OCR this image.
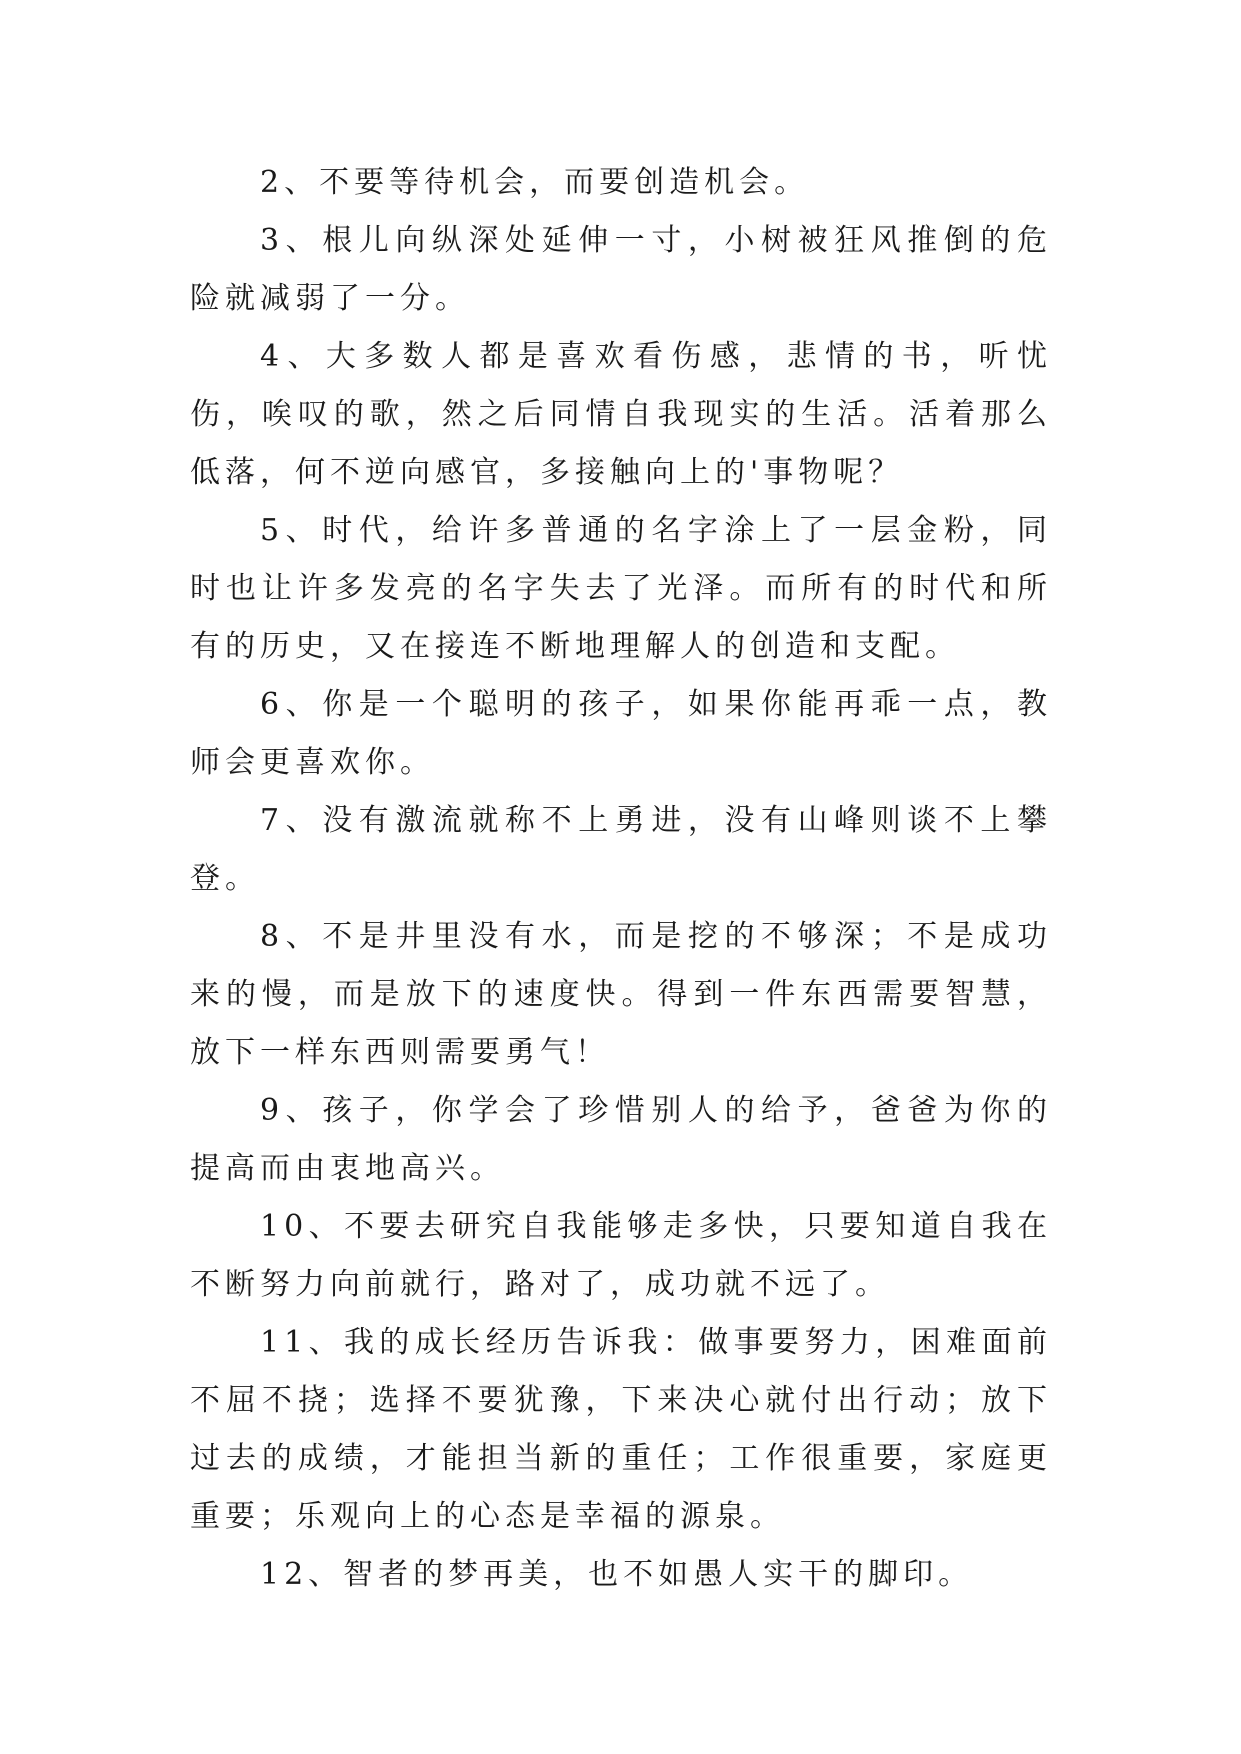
2、不要等待机会，而要创造机会。

3、根儿向纵深处延伸一寸，小树被狂风推倒的危险就减弱了一分。

4、大多数人都是喜欢看伤感，悲情的书，听忧伤，唉叹的歌，然之后同情自我现实的生活。活着那么低落，何不逆向感官，多接触向上的'事物呢？

5、时代，给许多普通的名字涂上了一层金粉，同时也让许多发亮的名字失去了光泽。而所有的时代和所有的历史，又在接连不断地理解人的创造和支配。

6、你是一个聪明的孩子，如果你能再乖一点，教师会更喜欢你。

7、没有激流就称不上勇进，没有山峰则谈不上攀登。

8、不是井里没有水，而是挖的不够深；不是成功来的慢，而是放下的速度快。得到一件东西需要智慧，放下一样东西则需要勇气！

9、孩子，你学会了珍惜别人的给予，爸爸为你的提高而由衷地高兴。

10、不要去研究自我能够走多快，只要知道自我在不断努力向前就行，路对了，成功就不远了。

11、我的成长经历告诉我：做事要努力，困难面前不屈不挠；选择不要犹豫，下来决心就付出行动；放下过去的成绩，才能担当新的重任；工作很重要，家庭更重要；乐观向上的心态是幸福的源泉。

12、智者的梦再美，也不如愚人实干的脚印。
